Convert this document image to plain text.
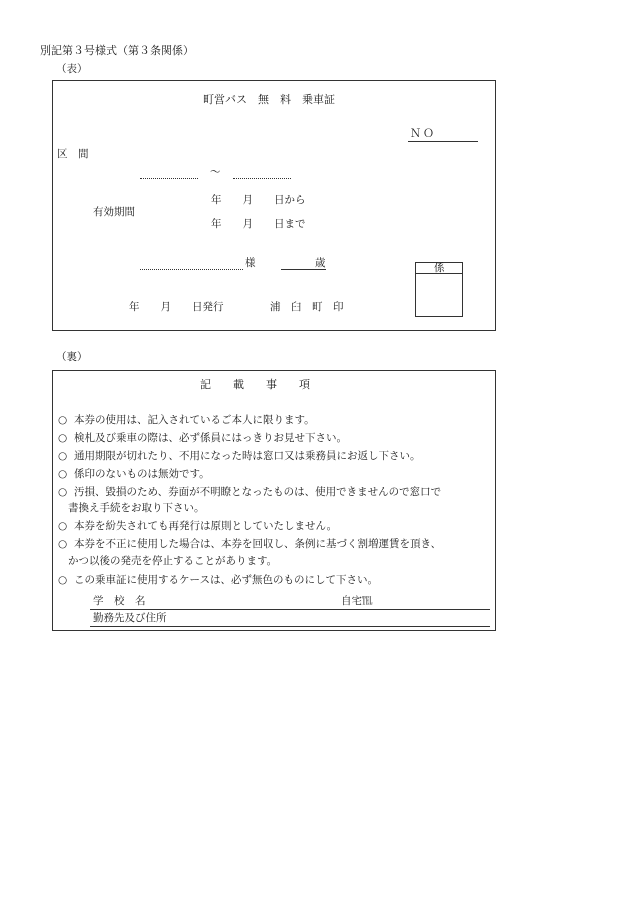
別記第３号様式（第３条関係）
（表）
町営バス　無　料　乗車証
ＮＯ
区　間
～
有効期間
年　　月　　日から
年　　月　　日まで
様	歳	係
年　　月　　日発行	浦　臼　町　印
（裏）
記　　載　　事　　項
○ 本券の使用は、記入されているご本人に限ります。
○ 検札及び乗車の際は、必ず係員にはっきりお見せ下さい。
○ 通用期限が切れたり、不用になった時は窓口又は乗務員にお返し下さい。
○ 係印のないものは無効です。
○ 汚損、毀損のため、券面が不明瞭となったものは、使用できませんので窓口で
書換え手続をお取り下さい。
○ 本券を紛失されても再発行は原則としていたしません。
○ 本券を不正に使用した場合は、本券を回収し、条例に基づく割増運賃を頂き、
かつ以後の発売を停止することがあります。
○ この乗車証に使用するケースは、必ず無色のものにして下さい。
学　校　名	自宅℡
勤務先及び住所
